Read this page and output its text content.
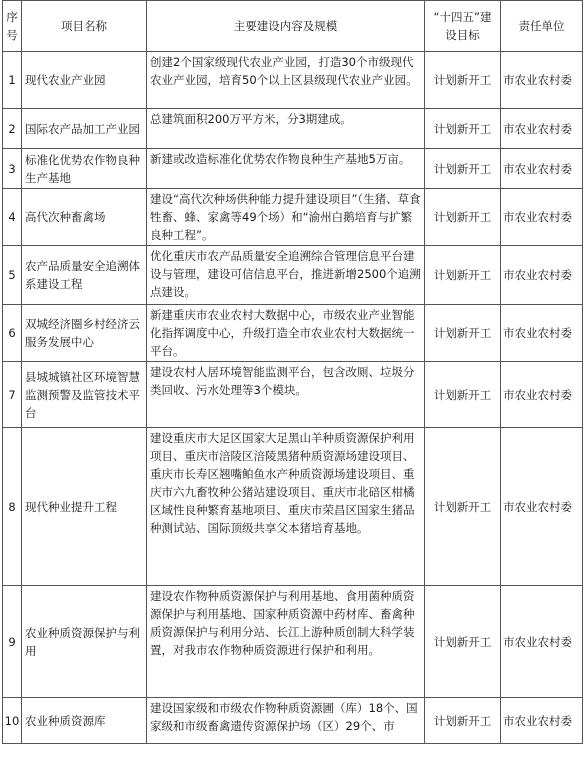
序号	项目名称	主要建设内容及规模	“十四五”建设目标	责任单位
1	现代农业产业园	创建2个国家级现代农业产业园，打造30个市级现代农业产业园，培育50个以上区县级现代农业产业园。	计划新开工	市农业农村委
2	国际农产品加工产业园	总建筑面积200万平方米，分3期建成。	计划新开工	市农业农村委
3	标准化优势农作物良种生产基地	新建或改造标准化优势农作物良种生产基地5万亩。	计划新开工	市农业农村委
4	高代次种畜禽场	建设“高代次种场供种能力提升建设项目”（生猪、草食牲畜、蜂、家禽等49个场）和“渝州白鹅培育与扩繁良种工程”。	计划新开工	市农业农村委
5	农产品质量安全追溯体系建设工程	优化重庆市农产品质量安全追溯综合管理信息平台建设与管理，建设可信信息平台，推进新增2500个追溯点建设。	计划新开工	市农业农村委
6	双城经济圈乡村经济云服务发展中心	新建重庆市农业农村大数据中心，市级农业产业智能化指挥调度中心，升级打造全市农业农村大数据统一平台。	计划新开工	市农业农村委
7	县城城镇社区环境智慧监测预警及监管技术平台	建设农村人居环境智能监测平台，包含改厕、垃圾分类回收、污水处理等3个模块。	计划新开工	市农业农村委
8	现代种业提升工程	建设重庆市大足区国家大足黑山羊种质资源保护利用项目、重庆市涪陵区涪陵黑猪种质资源场建设项目、重庆市长寿区翘嘴鲌鱼水产种质资源场建设项目、重庆市六九畜牧种公猪站建设项目、重庆市北碚区柑橘区域性良种繁育基地项目、重庆市荣昌区国家生猪品种测试站、国际顶级共享父本猪培育基地。	计划新开工	市农业农村委
9	农业种质资源保护与利用	建设农作物种质资源保护与利用基地、食用菌种质资源保护与利用基地、国家种质资源中药材库、畜禽种质资源保护与利用分站、长江上游种质创制大科学装置，对我市农作物种质资源进行保护和利用。	计划新开工	市农业农村委
10	农业种质资源库	建设国家级和市级农作物种质资源圃（库）18个、国家级和市级畜禽遗传资源保护场（区）29个、市	计划新开工	市农业农村委
